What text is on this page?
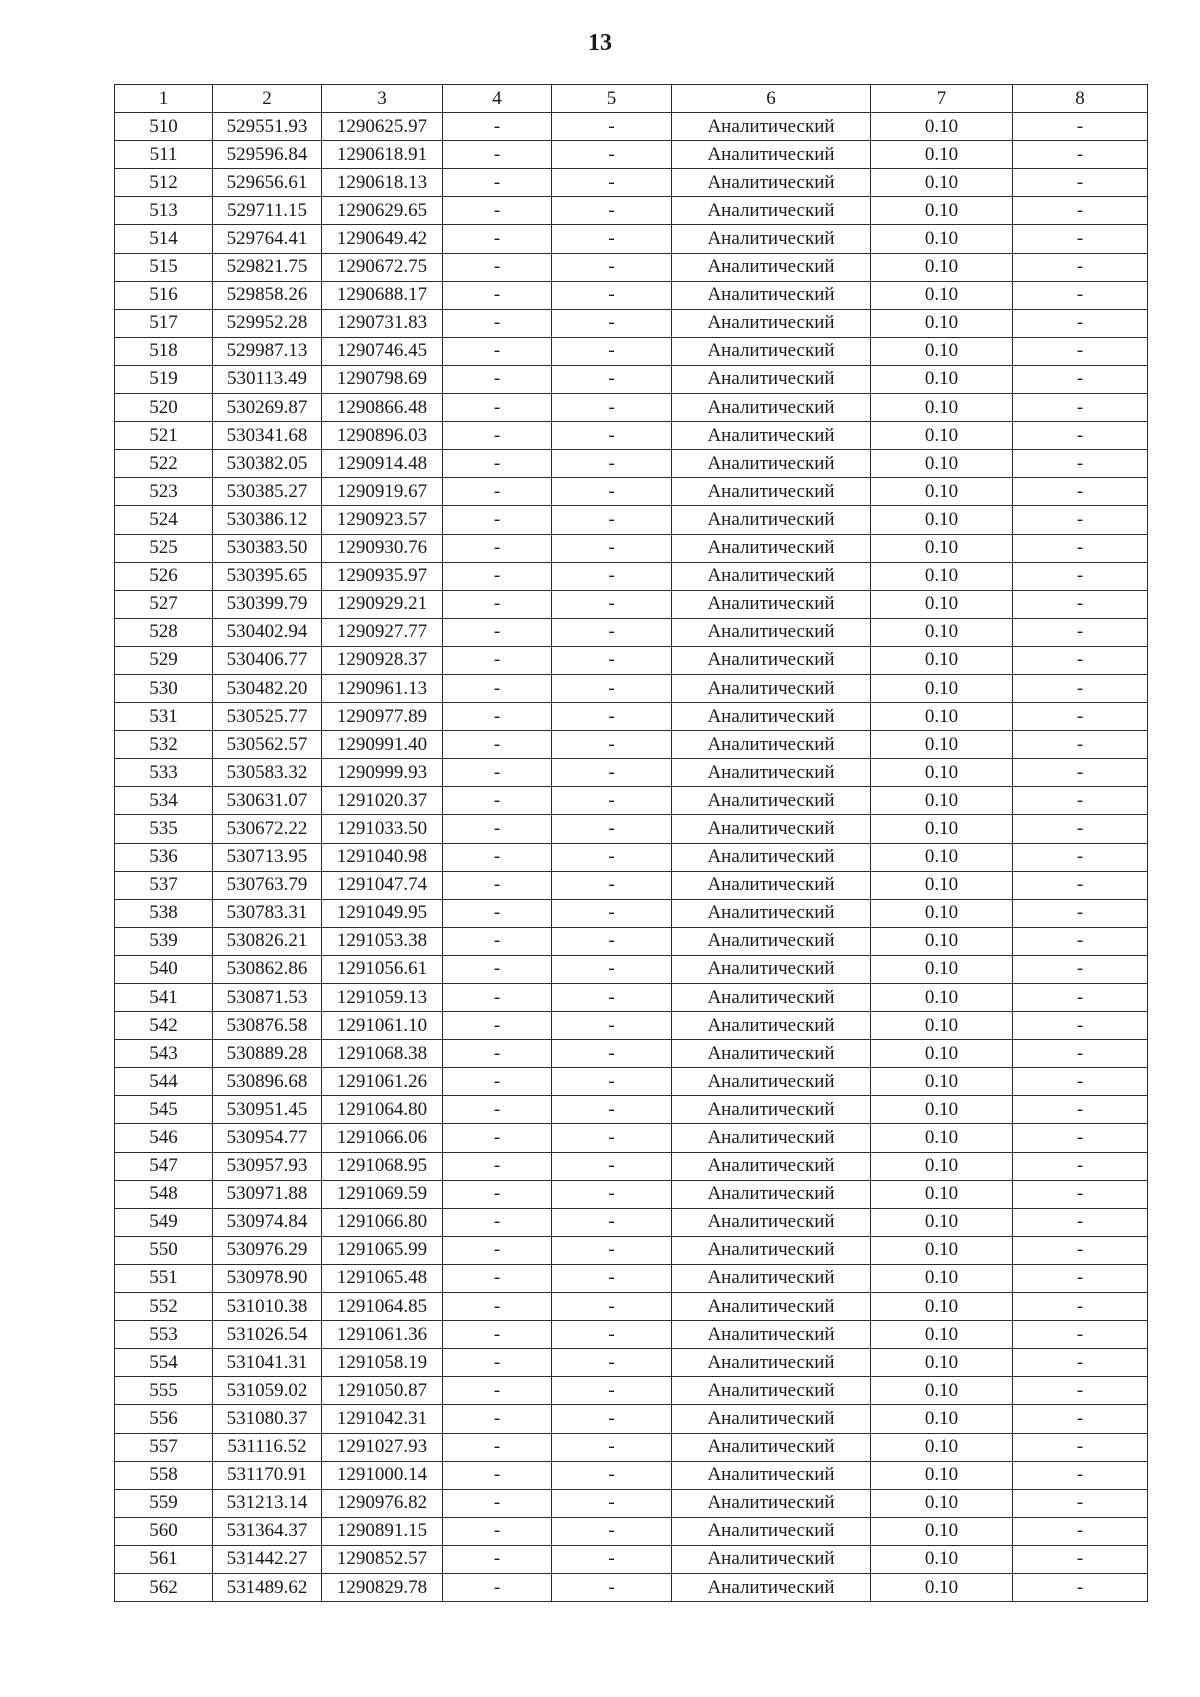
13
1	2	3	4	5	6	7	8
510	529551.93	1290625.97	-	-	Аналитический	0.10	-
511	529596.84	1290618.91	-	-	Аналитический	0.10	-
512	529656.61	1290618.13	-	-	Аналитический	0.10	-
513	529711.15	1290629.65	-	-	Аналитический	0.10	-
514	529764.41	1290649.42	-	-	Аналитический	0.10	-
515	529821.75	1290672.75	-	-	Аналитический	0.10	-
516	529858.26	1290688.17	-	-	Аналитический	0.10	-
517	529952.28	1290731.83	-	-	Аналитический	0.10	-
518	529987.13	1290746.45	-	-	Аналитический	0.10	-
519	530113.49	1290798.69	-	-	Аналитический	0.10	-
520	530269.87	1290866.48	-	-	Аналитический	0.10	-
521	530341.68	1290896.03	-	-	Аналитический	0.10	-
522	530382.05	1290914.48	-	-	Аналитический	0.10	-
523	530385.27	1290919.67	-	-	Аналитический	0.10	-
524	530386.12	1290923.57	-	-	Аналитический	0.10	-
525	530383.50	1290930.76	-	-	Аналитический	0.10	-
526	530395.65	1290935.97	-	-	Аналитический	0.10	-
527	530399.79	1290929.21	-	-	Аналитический	0.10	-
528	530402.94	1290927.77	-	-	Аналитический	0.10	-
529	530406.77	1290928.37	-	-	Аналитический	0.10	-
530	530482.20	1290961.13	-	-	Аналитический	0.10	-
531	530525.77	1290977.89	-	-	Аналитический	0.10	-
532	530562.57	1290991.40	-	-	Аналитический	0.10	-
533	530583.32	1290999.93	-	-	Аналитический	0.10	-
534	530631.07	1291020.37	-	-	Аналитический	0.10	-
535	530672.22	1291033.50	-	-	Аналитический	0.10	-
536	530713.95	1291040.98	-	-	Аналитический	0.10	-
537	530763.79	1291047.74	-	-	Аналитический	0.10	-
538	530783.31	1291049.95	-	-	Аналитический	0.10	-
539	530826.21	1291053.38	-	-	Аналитический	0.10	-
540	530862.86	1291056.61	-	-	Аналитический	0.10	-
541	530871.53	1291059.13	-	-	Аналитический	0.10	-
542	530876.58	1291061.10	-	-	Аналитический	0.10	-
543	530889.28	1291068.38	-	-	Аналитический	0.10	-
544	530896.68	1291061.26	-	-	Аналитический	0.10	-
545	530951.45	1291064.80	-	-	Аналитический	0.10	-
546	530954.77	1291066.06	-	-	Аналитический	0.10	-
547	530957.93	1291068.95	-	-	Аналитический	0.10	-
548	530971.88	1291069.59	-	-	Аналитический	0.10	-
549	530974.84	1291066.80	-	-	Аналитический	0.10	-
550	530976.29	1291065.99	-	-	Аналитический	0.10	-
551	530978.90	1291065.48	-	-	Аналитический	0.10	-
552	531010.38	1291064.85	-	-	Аналитический	0.10	-
553	531026.54	1291061.36	-	-	Аналитический	0.10	-
554	531041.31	1291058.19	-	-	Аналитический	0.10	-
555	531059.02	1291050.87	-	-	Аналитический	0.10	-
556	531080.37	1291042.31	-	-	Аналитический	0.10	-
557	531116.52	1291027.93	-	-	Аналитический	0.10	-
558	531170.91	1291000.14	-	-	Аналитический	0.10	-
559	531213.14	1290976.82	-	-	Аналитический	0.10	-
560	531364.37	1290891.15	-	-	Аналитический	0.10	-
561	531442.27	1290852.57	-	-	Аналитический	0.10	-
562	531489.62	1290829.78	-	-	Аналитический	0.10	-
